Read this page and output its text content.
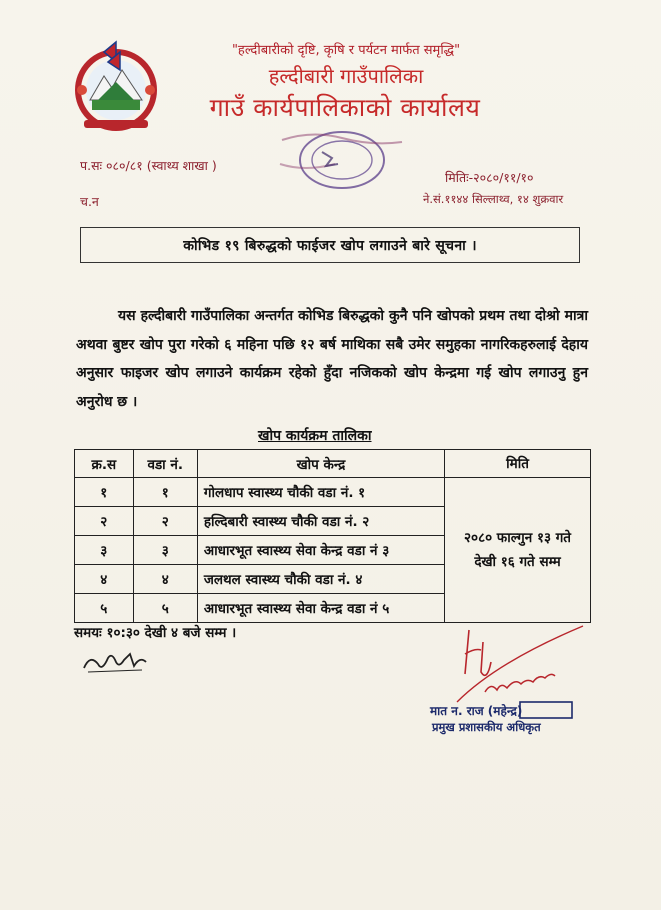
"हल्दीबारीको दृष्टि, कृषि र पर्यटन मार्फत समृद्धि"
हल्दीबारी गाउँपालिका
गाउँ कार्यपालिकाको कार्यालय
प.सः ०८०/८१ (स्वाथ्य शाखा )
च.न
मितिः-२०८०/११/१०
ने.सं.११४४ सिल्लाथ्व, १४ शुक्रवार
कोभिड १९ बिरुद्धको फाईजर खोप लगाउने बारे सूचना ।
यस हल्दीबारी गाउँपालिका अन्तर्गत कोभिड बिरुद्धको कुनै पनि खोपको प्रथम तथा दोश्रो मात्रा अथवा बुष्टर खोप पुरा गरेको ६ महिना पछि १२ बर्ष माथिका सबै उमेर समुहका नागरिकहरुलाई देहाय अनुसार फाइजर खोप लगाउने कार्यक्रम रहेको हुँदा नजिकको खोप केन्द्रमा गई खोप लगाउनु हुन अनुरोध छ ।
खोप कार्यक्रम तालिका
क्र.स	वडा नं.	खोप केन्द्र	मिति
१	१	गोलधाप स्वास्थ्य चौकी वडा नं. १	२०८० फाल्गुन १३ गते
देखी १६ गते सम्म

२	२	हल्दिबारी स्वास्थ्य चौकी वडा नं. २	
३	३	आधारभूत स्वास्थ्य सेवा केन्द्र वडा नं ३	
४	४	जलथल स्वास्थ्य चौकी वडा नं. ४	
५	५	आधारभूत स्वास्थ्य सेवा केन्द्र वडा नं ५	
समयः १०:३० देखी ४ बजे सम्म ।
मात न. राज (महेन्द्र)
प्रमुख प्रशासकीय अधिकृत
